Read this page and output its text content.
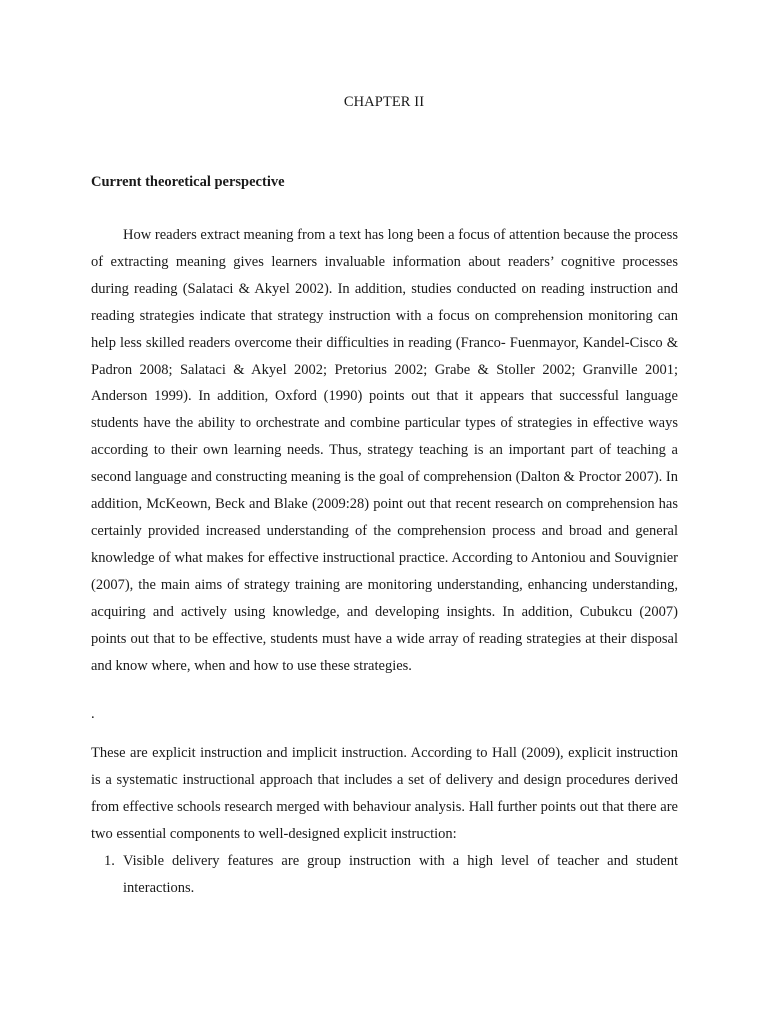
CHAPTER II
Current theoretical perspective

How readers extract meaning from a text has long been a focus of attention because the process of extracting meaning gives learners invaluable information about readers’ cognitive processes during reading (Salataci & Akyel 2002). In addition, studies conducted on reading instruction and reading strategies indicate that strategy instruction with a focus on comprehension monitoring can help less skilled readers overcome their difficulties in reading (Franco- Fuenmayor, Kandel-Cisco & Padron 2008; Salataci & Akyel 2002; Pretorius 2002; Grabe & Stoller 2002; Granville 2001; Anderson 1999). In addition, Oxford (1990) points out that it appears that successful language students have the ability to orchestrate and combine particular types of strategies in effective ways according to their own learning needs. Thus, strategy teaching is an important part of teaching a second language and constructing meaning is the goal of comprehension (Dalton & Proctor 2007). In addition, McKeown, Beck and Blake (2009:28) point out that recent research on comprehension has certainly provided increased understanding of the comprehension process and broad and general knowledge of what makes for effective instructional practice. According to Antoniou and Souvignier (2007), the main aims of strategy training are monitoring understanding, enhancing understanding, acquiring and actively using knowledge, and developing insights. In addition, Cubukcu (2007) points out that to be effective, students must have a wide array of reading strategies at their disposal and know where, when and how to use these strategies.

.

These are explicit instruction and implicit instruction. According to Hall (2009), explicit instruction is a systematic instructional approach that includes a set of delivery and design procedures derived from effective schools research merged with behaviour analysis. Hall further points out that there are two essential components to well-designed explicit instruction:

1. Visible delivery features are group instruction with a high level of teacher and student interactions.
